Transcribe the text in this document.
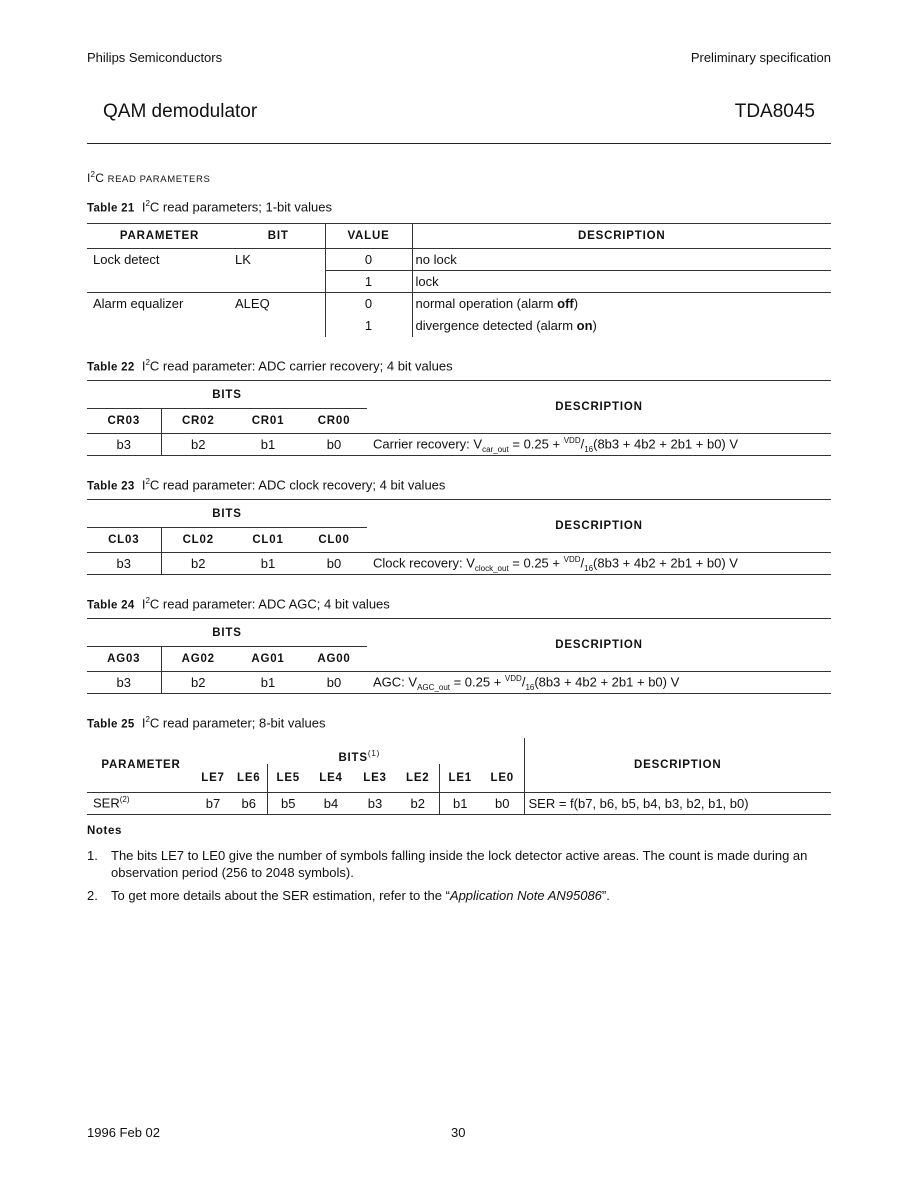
Philips Semiconductors	Preliminary specification
QAM demodulator	TDA8045
$I^2C$ READ PARAMETERS
Table 21 $I^2C$ read parameters; 1-bit values
PARAMETER	BIT	VALUE	DESCRIPTION
Lock detect	LK	0	no lock
		1	lock
Alarm equalizer	ALEQ	0	normal operation (alarm off)
		1	divergence detected (alarm on)
Table 22 $I^2C$ read parameter: ADC carrier recovery; 4 bit values
BITS				DESCRIPTION
CR03	CR02	CR01	CR00	
b3	b2	b1	b0	Carrier recovery: $V_{car\_out} = 0.25 + ^{VDD}/_{16}(8b3 + 4b2 + 2b1 + b0)$ V
Table 23 $I^2C$ read parameter: ADC clock recovery; 4 bit values
BITS				DESCRIPTION
CL03	CL02	CL01	CL00	
b3	b2	b1	b0	Clock recovery: $V_{clock\_out} = 0.25 + ^{VDD}/_{16}(8b3 + 4b2 + 2b1 + b0)$ V
Table 24 $I^2C$ read parameter: ADC AGC; 4 bit values
BITS				DESCRIPTION
AG03	AG02	AG01	AG00	
b3	b2	b1	b0	AGC: $V_{AGC\_out} = 0.25 + ^{VDD}/_{16}(8b3 + 4b2 + 2b1 + b0)$ V
Table 25 $I^2C$ read parameter; 8-bit values
PARAMETER	BITS$^{(1)}$								DESCRIPTION
	LE7	LE6	LE5	LE4	LE3	LE2	LE1	LE0	
SER$^{(2)}$	b7	b6	b5	b4	b3	b2	b1	b0	SER = f(b7, b6, b5, b4, b3, b2, b1, b0)
Notes
1. The bits LE7 to LE0 give the number of symbols falling inside the lock detector active areas. The count is made during an observation period (256 to 2048 symbols).
2. To get more details about the SER estimation, refer to the “Application Note AN95086”.
1996 Feb 02	30
